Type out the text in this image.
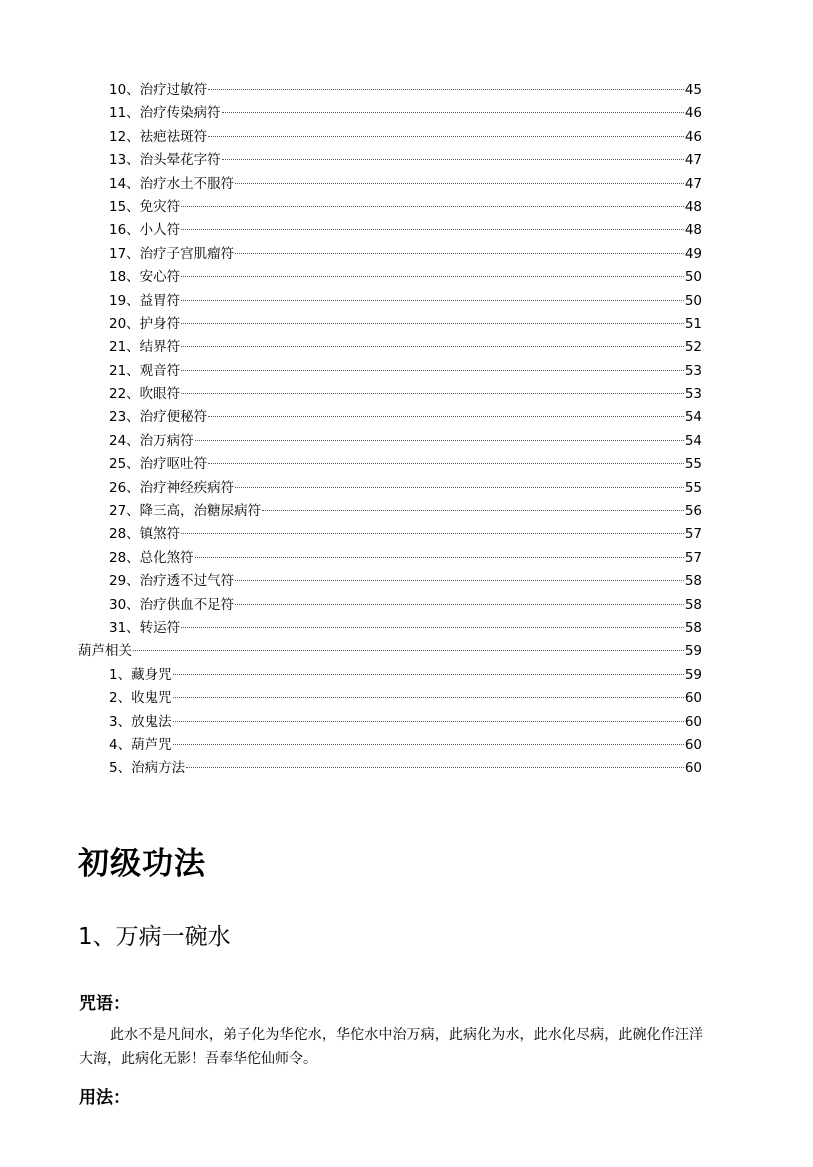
10、治疗过敏符	45
11、治疗传染病符	46
12、祛疤祛斑符	46
13、治头晕花字符	47
14、治疗水土不服符	47
15、免灾符	48
16、小人符	48
17、治疗子宫肌瘤符	49
18、安心符	50
19、益胃符	50
20、护身符	51
21、结界符	52
21、观音符	53
22、吹眼符	53
23、治疗便秘符	54
24、治万病符	54
25、治疗呕吐符	55
26、治疗神经疾病符	55
27、降三高，治糖尿病符	56
28、镇煞符	57
28、总化煞符	57
29、治疗透不过气符	58
30、治疗供血不足符	58
31、转运符	58
葫芦相关	59
1、藏身咒	59
2、收鬼咒	60
3、放鬼法	60
4、葫芦咒	60
5、治病方法	60
初级功法
1、万病一碗水
咒语：

此水不是凡间水，弟子化为华佗水，华佗水中治万病，此病化为水，此水化尽病，此碗化作汪洋大海，此病化无影！吾奉华佗仙师令。

用法：
